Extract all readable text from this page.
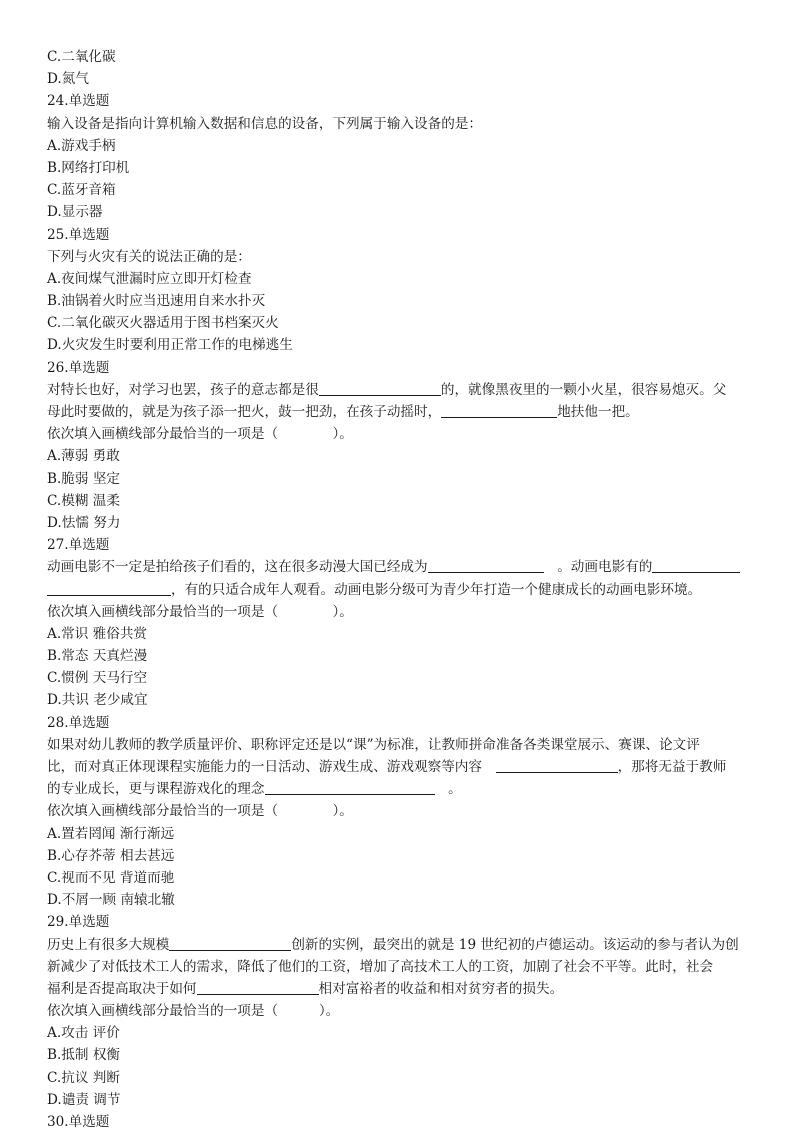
C.二氧化碳
D.氮气
24.单选题
输入设备是指向计算机输入数据和信息的设备，下列属于输入设备的是：
A.游戏手柄
B.网络打印机
C.蓝牙音箱
D.显示器
25.单选题
下列与火灾有关的说法正确的是：
A.夜间煤气泄漏时应立即开灯检查
B.油锅着火时应当迅速用自来水扑灭
C.二氧化碳灭火器适用于图书档案灭火
D.火灾发生时要利用正常工作的电梯逃生
26.单选题
对特长也好，对学习也罢，孩子的意志都是很	的，就像黑夜里的一颗小火星，很容易熄灭。父
母此时要做的，就是为孩子添一把火，鼓一把劲，在孩子动摇时，	地扶他一把。
依次填入画横线部分最恰当的一项是（　　　　）。
A.薄弱 勇敢
B.脆弱 坚定
C.模糊 温柔
D.怯懦 努力
27.单选题
动画电影不一定是拍给孩子们看的，这在很多动漫大国已经成为	　。动画电影有的
，有的只适合成年人观看。动画电影分级可为青少年打造一个健康成长的动画电影环境。
依次填入画横线部分最恰当的一项是（　　　　）。
A.常识 雅俗共赏
B.常态 天真烂漫
C.惯例 天马行空
D.共识 老少咸宜
28.单选题
如果对幼儿教师的教学质量评价、职称评定还是以“课”为标准，让教师拼命准备各类课堂展示、赛课、论文评
比，而对真正体现课程实施能力的一日活动、游戏生成、游戏观察等内容　	，那将无益于教师
的专业成长，更与课程游戏化的理念	　。
依次填入画横线部分最恰当的一项是（　　　　）。
A.置若罔闻 渐行渐远
B.心存芥蒂 相去甚远
C.视而不见 背道而驰
D.不屑一顾 南辕北辙
29.单选题
历史上有很多大规模	创新的实例，最突出的就是 19 世纪初的卢德运动。该运动的参与者认为创
新减少了对低技术工人的需求，降低了他们的工资，增加了高技术工人的工资，加剧了社会不平等。此时，社会
福利是否提高取决于如何	相对富裕者的收益和相对贫穷者的损失。
依次填入画横线部分最恰当的一项是（　　　）。
A.攻击 评价
B.抵制 权衡
C.抗议 判断
D.谴责 调节
30.单选题
